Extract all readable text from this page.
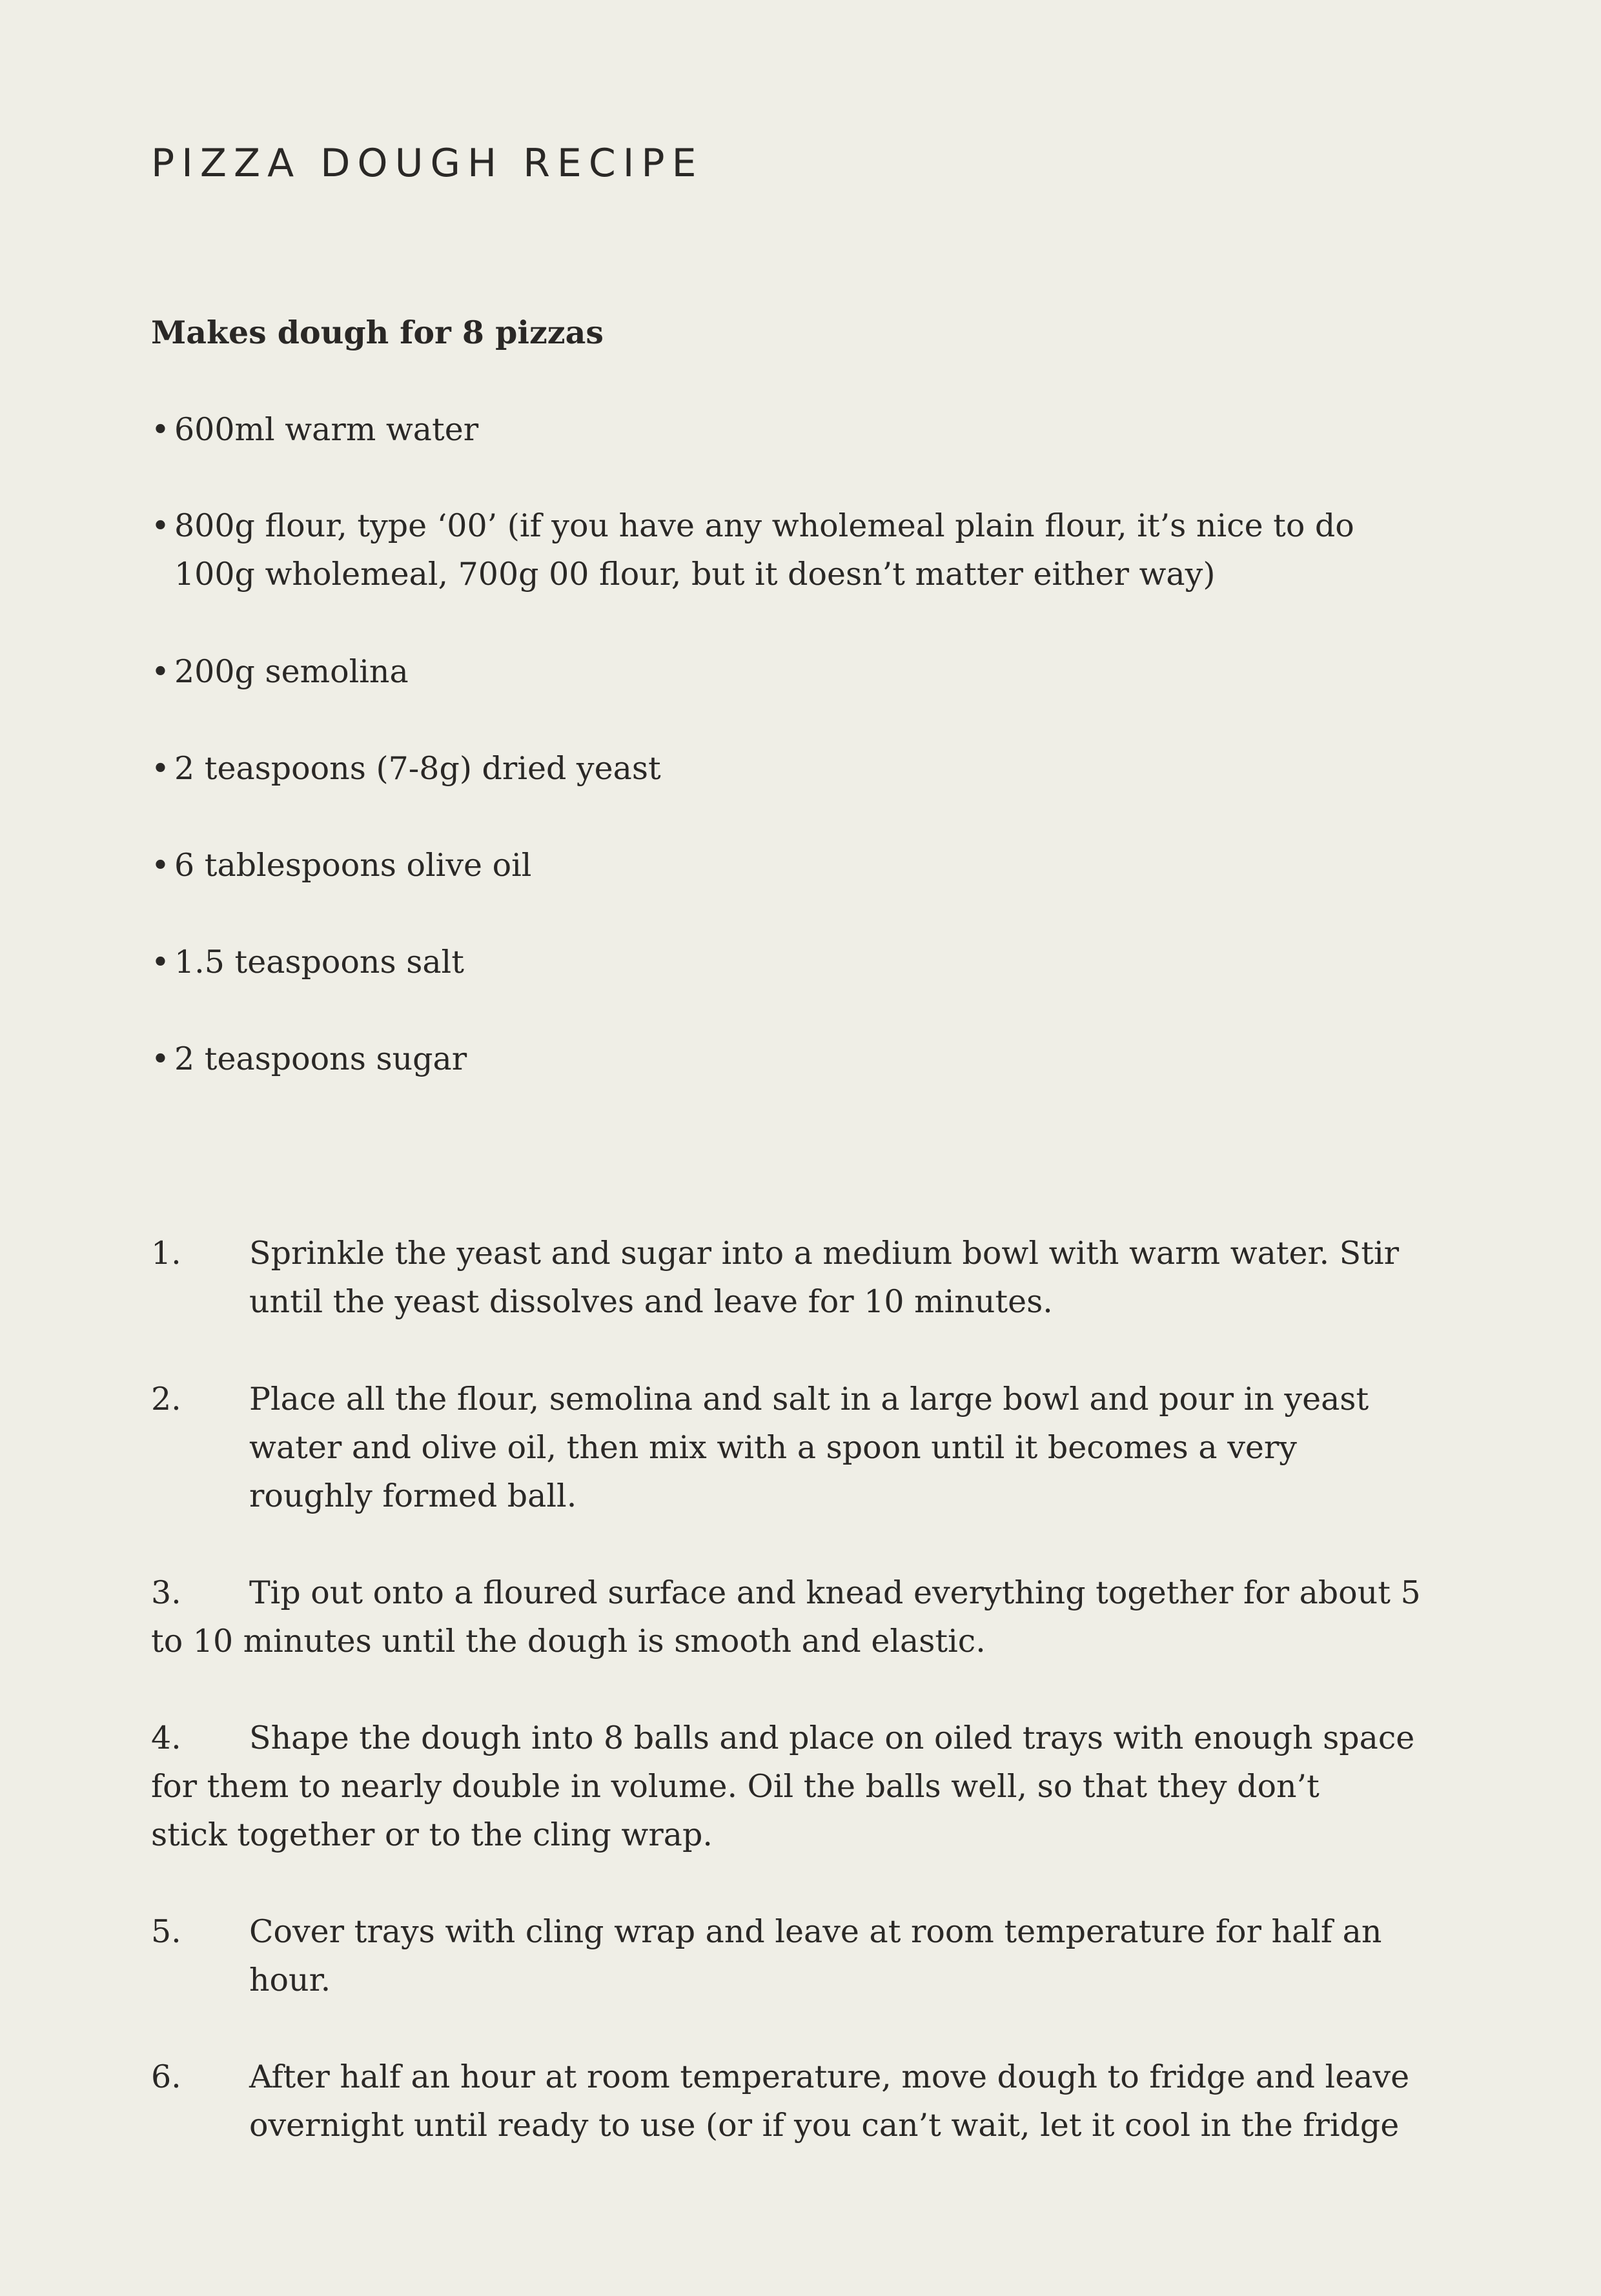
PIZZA DOUGH RECIPE
Makes dough for 8 pizzas
• 600ml warm water
• 800g flour, type ‘00’ (if you have any wholemeal plain flour, it’s nice to do
100g wholemeal, 700g 00 flour, but it doesn’t matter either way)
• 200g semolina
• 2 teaspoons (7-8g) dried yeast
• 6 tablespoons olive oil
• 1.5 teaspoons salt
• 2 teaspoons sugar
1.	Sprinkle the yeast and sugar into a medium bowl with warm water. Stir
until the yeast dissolves and leave for 10 minutes.
2.	Place all the flour, semolina and salt in a large bowl and pour in yeast
water and olive oil, then mix with a spoon until it becomes a very
roughly formed ball.
3.	Tip out onto a floured surface and knead everything together for about 5
to 10 minutes until the dough is smooth and elastic.
4.	Shape the dough into 8 balls and place on oiled trays with enough space
for them to nearly double in volume. Oil the balls well, so that they don’t
stick together or to the cling wrap.
5.	Cover trays with cling wrap and leave at room temperature for half an
hour.
6.	After half an hour at room temperature, move dough to fridge and leave
overnight until ready to use (or if you can’t wait, let it cool in the fridge
